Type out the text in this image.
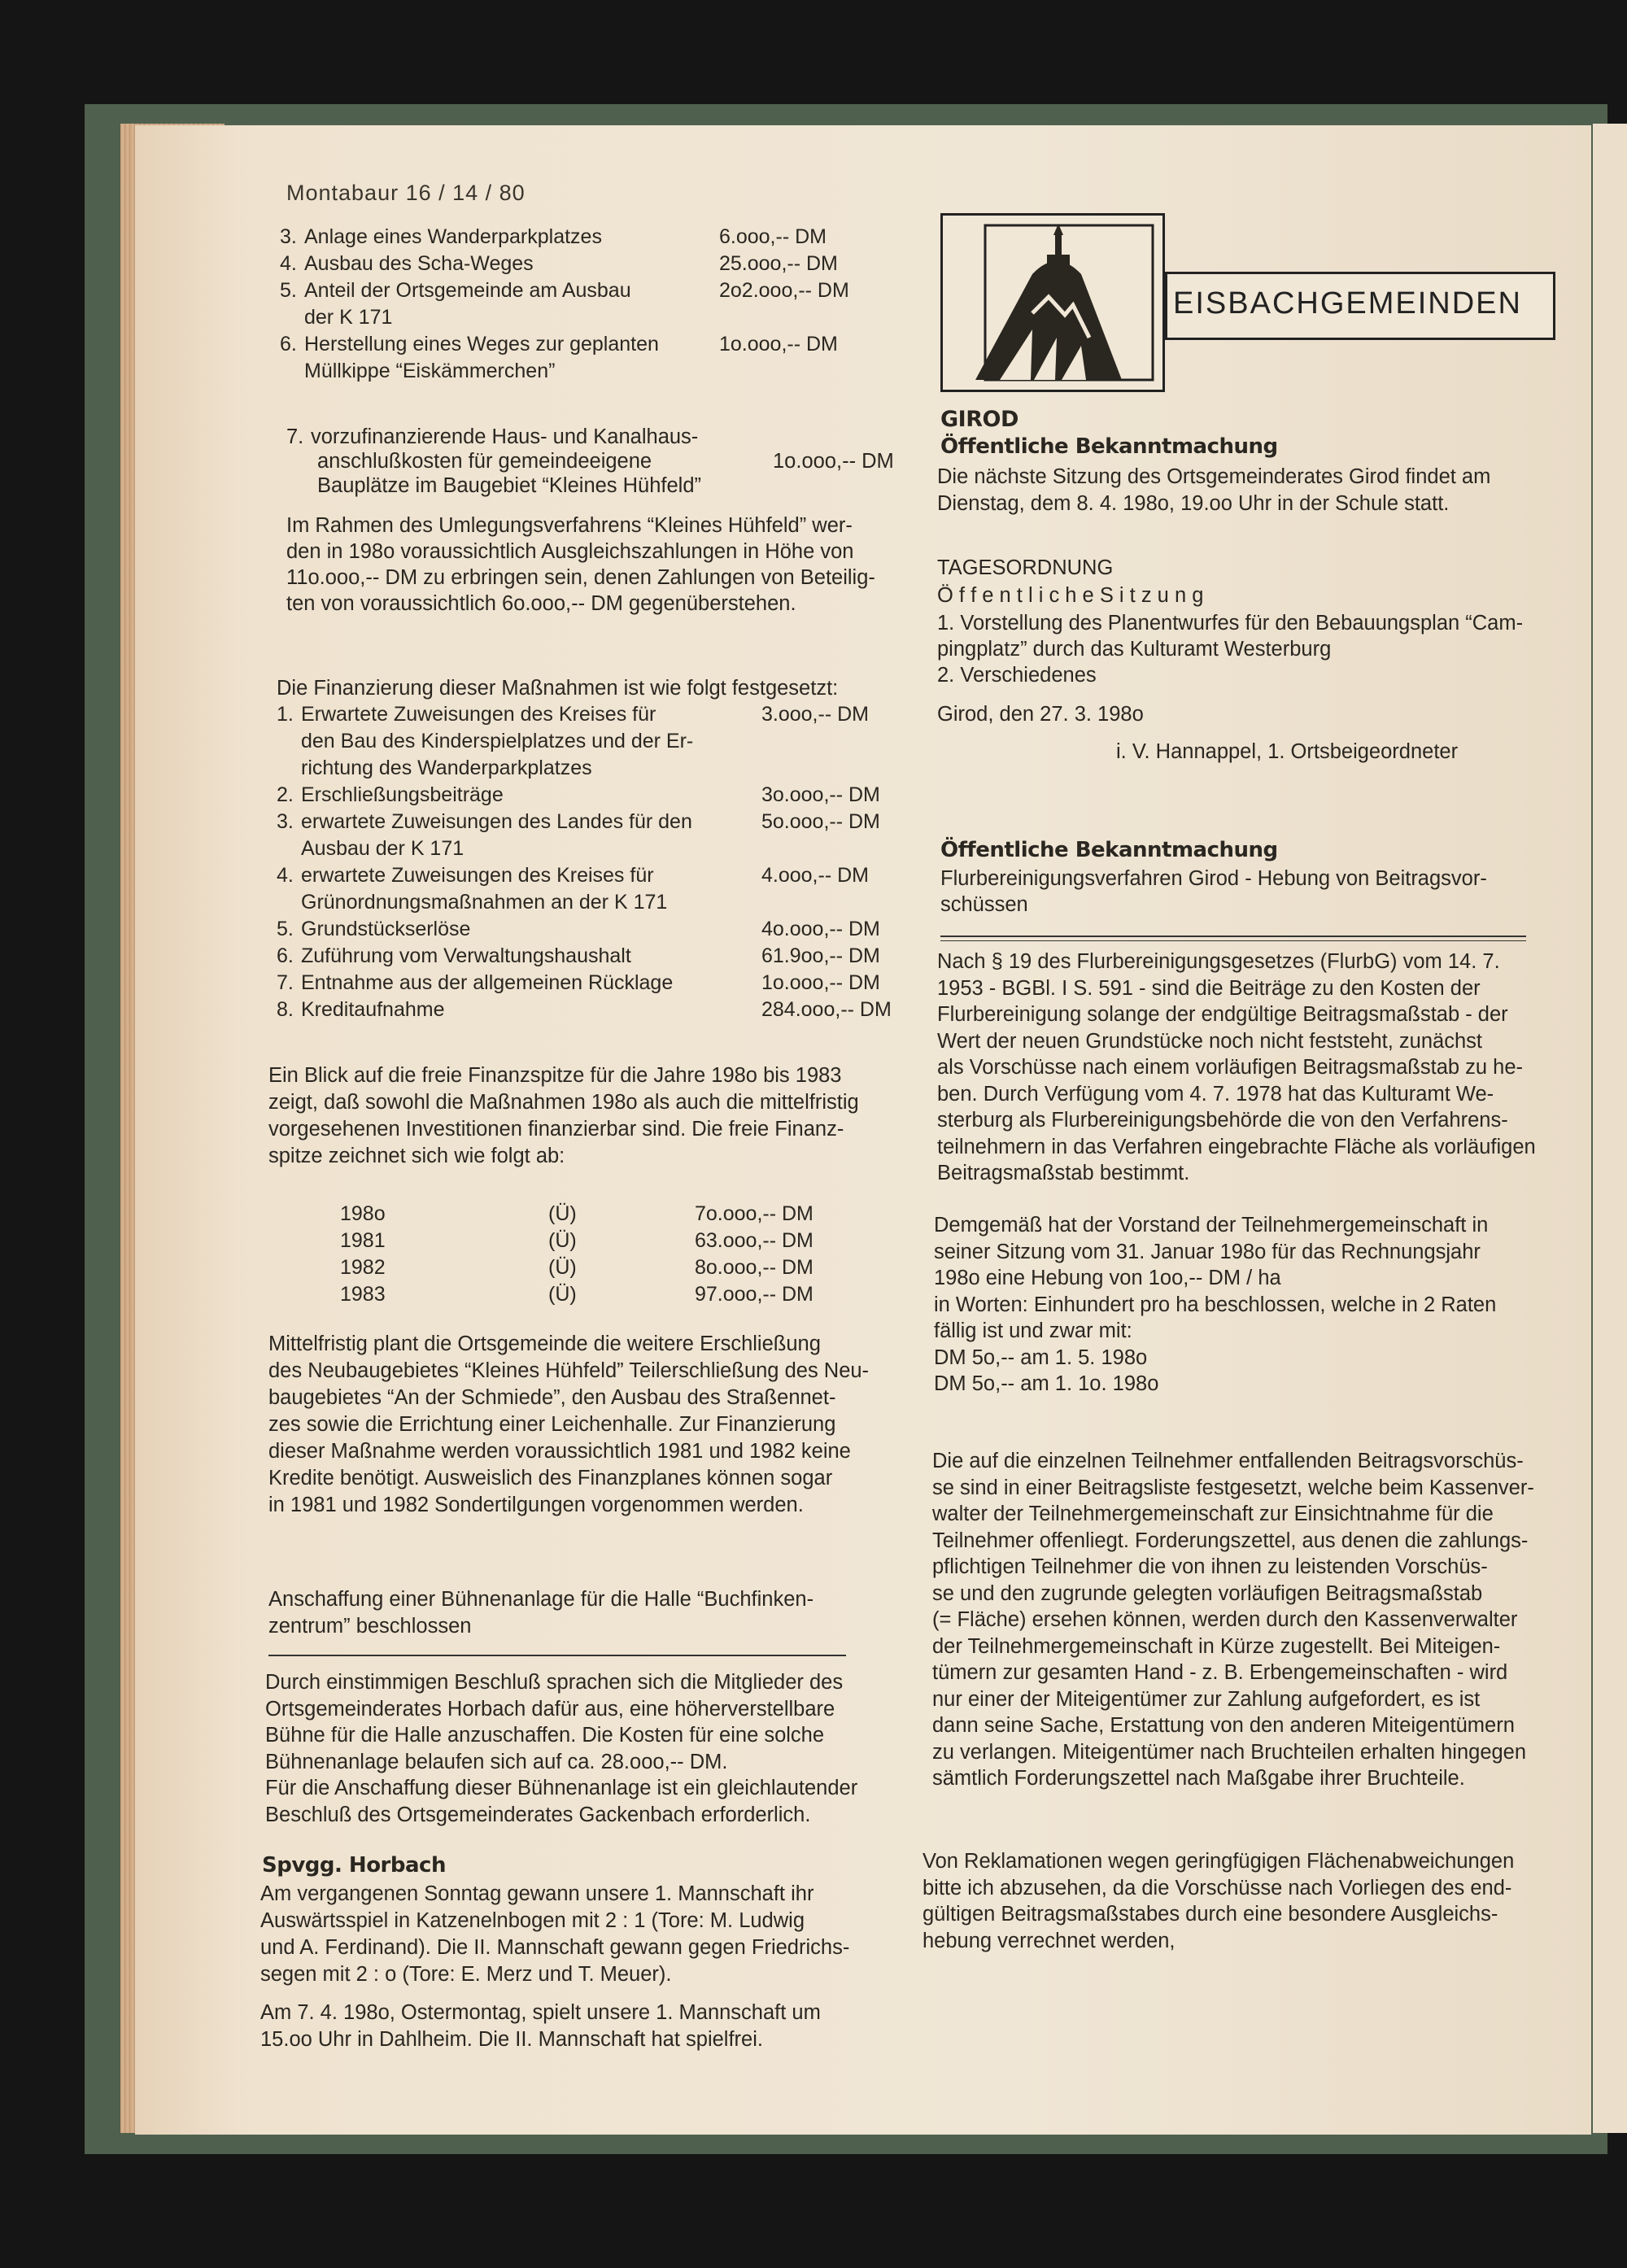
Montabaur 16 / 14 / 80
3. Anlage eines Wanderparkplatzes	6.ooo,-- DM
4. Ausbau des Scha-Weges	25.ooo,-- DM
5. Anteil der Ortsgemeinde am Ausbau	2o2.ooo,-- DM
der K 171
6. Herstellung eines Weges zur geplanten	1o.ooo,-- DM
Müllkippe “Eiskämmerchen”
7. vorzufinanzierende Haus- und Kanalhaus-
anschlußkosten für gemeindeeigene	1o.ooo,-- DM
Bauplätze im Baugebiet “Kleines Hühfeld”
Im Rahmen des Umlegungsverfahrens “Kleines Hühfeld” wer-
den in 198o voraussichtlich Ausgleichszahlungen in Höhe von
11o.ooo,-- DM zu erbringen sein, denen Zahlungen von Beteilig-
ten von voraussichtlich 6o.ooo,-- DM gegenüberstehen.
Die Finanzierung dieser Maßnahmen ist wie folgt festgesetzt:
1. Erwartete Zuweisungen des Kreises für	3.ooo,-- DM
den Bau des Kinderspielplatzes und der Er-
richtung des Wanderparkplatzes
2. Erschließungsbeiträge	3o.ooo,-- DM
3. erwartete Zuweisungen des Landes für den	5o.ooo,-- DM
Ausbau der K 171
4. erwartete Zuweisungen des Kreises für	4.ooo,-- DM
Grünordnungsmaßnahmen an der K 171
5. Grundstückserlöse	4o.ooo,-- DM
6. Zuführung vom Verwaltungshaushalt	61.9oo,-- DM
7. Entnahme aus der allgemeinen Rücklage	1o.ooo,-- DM
8. Kreditaufnahme	284.ooo,-- DM
Ein Blick auf die freie Finanzspitze für die Jahre 198o bis 1983
zeigt, daß sowohl die Maßnahmen 198o als auch die mittelfristig
vorgesehenen Investitionen finanzierbar sind. Die freie Finanz-
spitze zeichnet sich wie folgt ab:
198o	(Ü)	7o.ooo,-- DM
1981	(Ü)	63.ooo,-- DM
1982	(Ü)	8o.ooo,-- DM
1983	(Ü)	97.ooo,-- DM
Mittelfristig plant die Ortsgemeinde die weitere Erschließung
des Neubaugebietes “Kleines Hühfeld” Teilerschließung des Neu-
baugebietes “An der Schmiede”, den Ausbau des Straßennet-
zes sowie die Errichtung einer Leichenhalle. Zur Finanzierung
dieser Maßnahme werden voraussichtlich 1981 und 1982 keine
Kredite benötigt. Ausweislich des Finanzplanes können sogar
in 1981 und 1982 Sondertilgungen vorgenommen werden.
Anschaffung einer Bühnenanlage für die Halle “Buchfinken-
zentrum” beschlossen
Durch einstimmigen Beschluß sprachen sich die Mitglieder des
Ortsgemeinderates Horbach dafür aus, eine höherverstellbare
Bühne für die Halle anzuschaffen. Die Kosten für eine solche
Bühnenanlage belaufen sich auf ca. 28.ooo,-- DM.
Für die Anschaffung dieser Bühnenanlage ist ein gleichlautender
Beschluß des Ortsgemeinderates Gackenbach erforderlich.
Spvgg. Horbach
Am vergangenen Sonntag gewann unsere 1. Mannschaft ihr
Auswärtsspiel in Katzenelnbogen mit 2 : 1 (Tore: M. Ludwig
und A. Ferdinand). Die II. Mannschaft gewann gegen Friedrichs-
segen mit 2 : o (Tore: E. Merz und T. Meuer).
Am 7. 4. 198o, Ostermontag, spielt unsere 1. Mannschaft um
15.oo Uhr in Dahlheim. Die II. Mannschaft hat spielfrei.
EISBACHGEMEINDEN
GIROD
Öffentliche Bekanntmachung
Die nächste Sitzung des Ortsgemeinderates Girod findet am
Dienstag, dem 8. 4. 198o, 19.oo Uhr in der Schule statt.
TAGESORDNUNG
Ö f f e n t l i c h e S i t z u n g
1. Vorstellung des Planentwurfes für den Bebauungsplan “Cam-
pingplatz” durch das Kulturamt Westerburg
2. Verschiedenes
Girod, den 27. 3. 198o
i. V. Hannappel, 1. Ortsbeigeordneter
Öffentliche Bekanntmachung
Flurbereinigungsverfahren Girod - Hebung von Beitragsvor-
schüssen
Nach § 19 des Flurbereinigungsgesetzes (FlurbG) vom 14. 7.
1953 - BGBl. I S. 591 - sind die Beiträge zu den Kosten der
Flurbereinigung solange der endgültige Beitragsmaßstab - der
Wert der neuen Grundstücke noch nicht feststeht, zunächst
als Vorschüsse nach einem vorläufigen Beitragsmaßstab zu he-
ben. Durch Verfügung vom 4. 7. 1978 hat das Kulturamt We-
sterburg als Flurbereinigungsbehörde die von den Verfahrens-
teilnehmern in das Verfahren eingebrachte Fläche als vorläufigen
Beitragsmaßstab bestimmt.
Demgemäß hat der Vorstand der Teilnehmergemeinschaft in
seiner Sitzung vom 31. Januar 198o für das Rechnungsjahr
198o eine Hebung von 1oo,-- DM / ha
in Worten: Einhundert pro ha beschlossen, welche in 2 Raten
fällig ist und zwar mit:
DM 5o,-- am 1. 5. 198o
DM 5o,-- am 1. 1o. 198o
Die auf die einzelnen Teilnehmer entfallenden Beitragsvorschüs-
se sind in einer Beitragsliste festgesetzt, welche beim Kassenver-
walter der Teilnehmergemeinschaft zur Einsichtnahme für die
Teilnehmer offenliegt. Forderungszettel, aus denen die zahlungs-
pflichtigen Teilnehmer die von ihnen zu leistenden Vorschüs-
se und den zugrunde gelegten vorläufigen Beitragsmaßstab
(= Fläche) ersehen können, werden durch den Kassenverwalter
der Teilnehmergemeinschaft in Kürze zugestellt. Bei Miteigen-
tümern zur gesamten Hand - z. B. Erbengemeinschaften - wird
nur einer der Miteigentümer zur Zahlung aufgefordert, es ist
dann seine Sache, Erstattung von den anderen Miteigentümern
zu verlangen. Miteigentümer nach Bruchteilen erhalten hingegen
sämtlich Forderungszettel nach Maßgabe ihrer Bruchteile.
Von Reklamationen wegen geringfügigen Flächenabweichungen
bitte ich abzusehen, da die Vorschüsse nach Vorliegen des end-
gültigen Beitragsmaßstabes durch eine besondere Ausgleichs-
hebung verrechnet werden,
